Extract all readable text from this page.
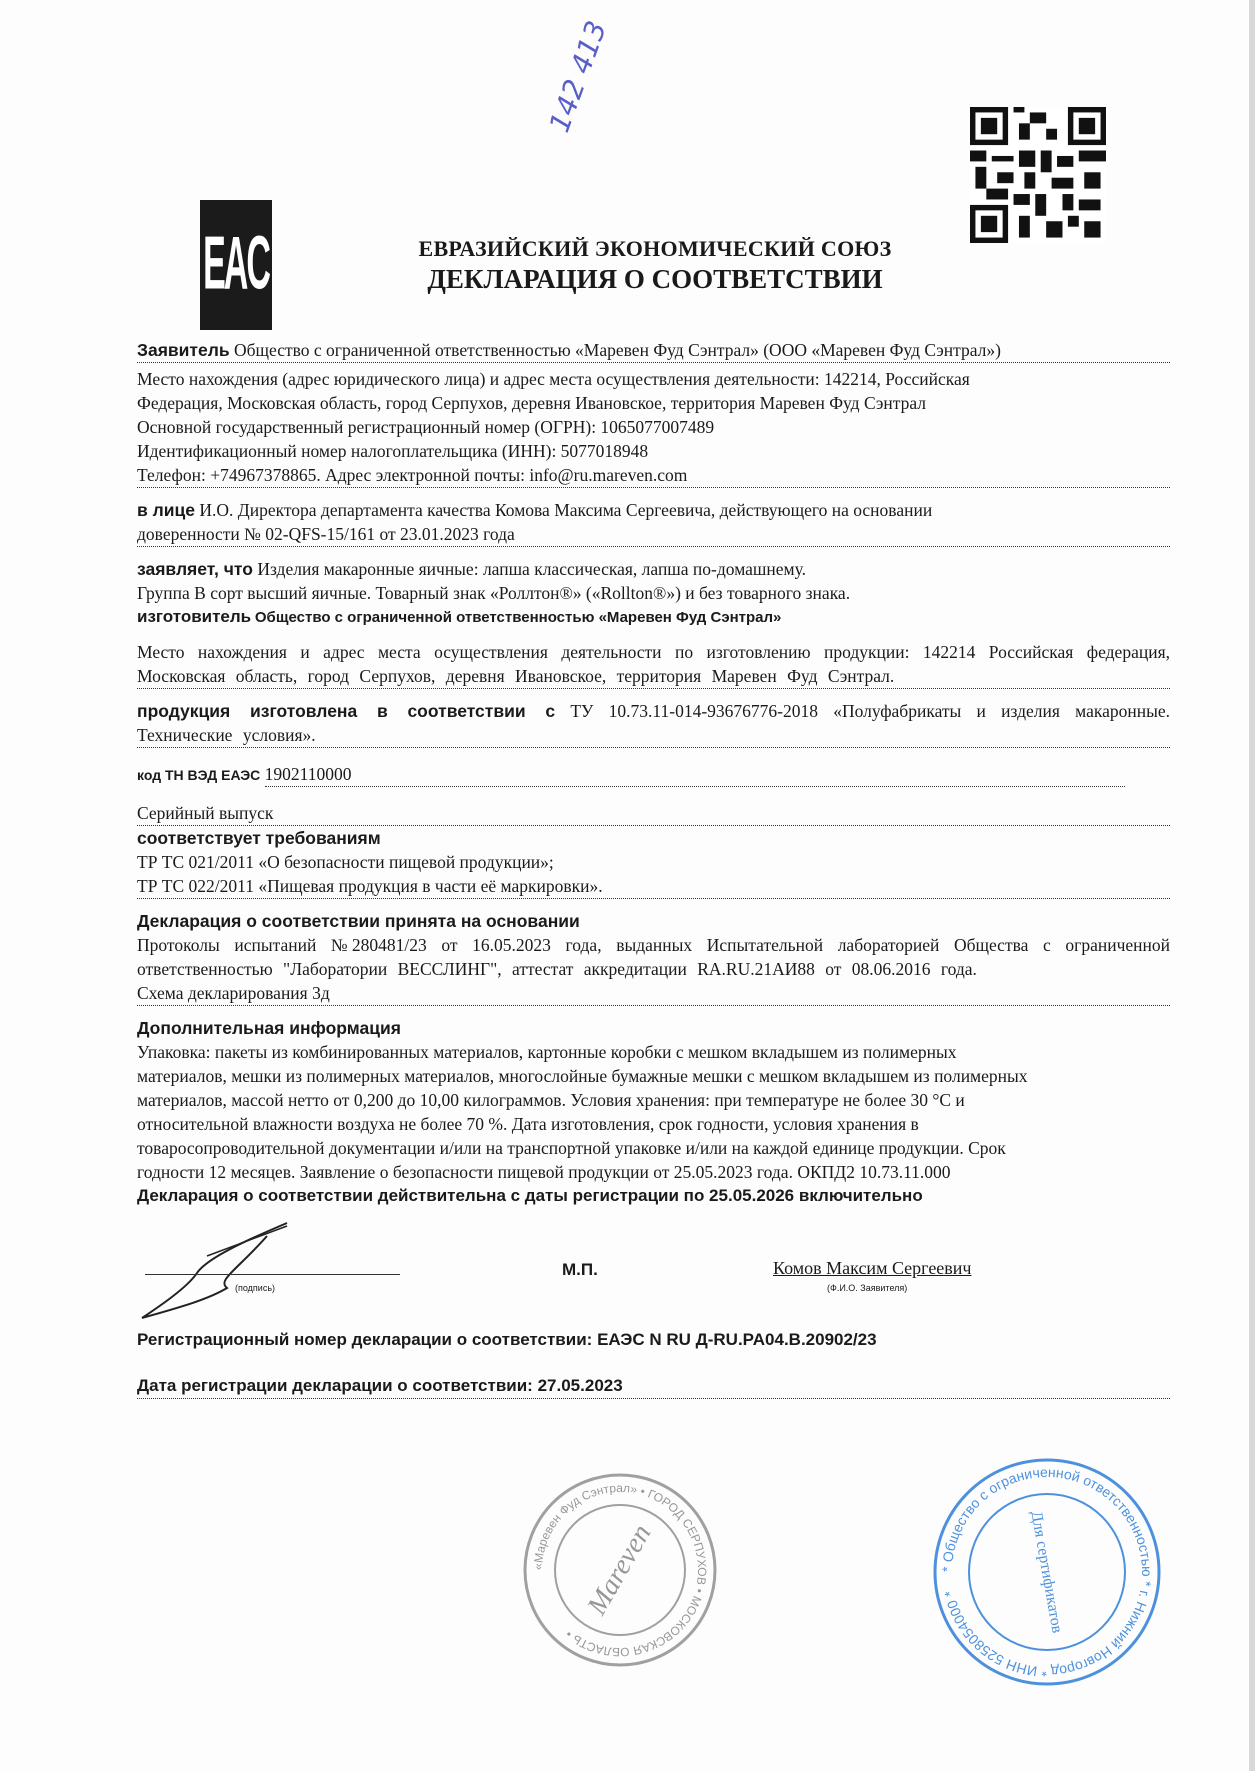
142 413
EAC	ЕВРАЗИЙСКИЙ ЭКОНОМИЧЕСКИЙ СОЮЗ
ДЕКЛАРАЦИЯ О СООТВЕТСТВИИ
Заявитель Общество с ограниченной ответственностью «Маревен Фуд Сэнтрал» (ООО «Маревен Фуд Сэнтрал»)
Место нахождения (адрес юридического лица) и адрес места осуществления деятельности: 142214, Российская
Федерация, Московская область, город Серпухов, деревня Ивановское, территория Маревен Фуд Сэнтрал
Основной государственный регистрационный номер (ОГРН): 1065077007489
Идентификационный номер налогоплательщика (ИНН): 5077018948
Телефон: +74967378865. Адрес электронной почты: info@ru.mareven.com
в лице И.О. Директора департамента качества Комова Максима Сергеевича, действующего на основании
доверенности № 02-QFS-15/161 от 23.01.2023 года
заявляет, что Изделия макаронные яичные: лапша классическая, лапша по-домашнему.
Группа В сорт высший яичные. Товарный знак «Роллтон®» («Rollton®») и без товарного знака.
изготовитель Общество с ограниченной ответственностью «Маревен Фуд Сэнтрал»
Место нахождения и адрес места осуществления деятельности по изготовлению продукции: 142214 Российская федерация, Московская область, город Серпухов, деревня Ивановское, территория Маревен Фуд Сэнтрал.
продукция изготовлена в соответствии с ТУ 10.73.11-014-93676776-2018 «Полуфабрикаты и изделия макаронные. Технические условия».
код ТН ВЭД ЕАЭС 1902110000
Серийный выпуск
соответствует требованиям
ТР ТС 021/2011 «О безопасности пищевой продукции»;
ТР ТС 022/2011 «Пищевая продукция в части её маркировки».
Декларация о соответствии принята на основании
Протоколы испытаний №280481/23 от 16.05.2023 года, выданных Испытательной лабораторией Общества с ограниченной ответственностью "Лаборатории ВЕССЛИНГ", аттестат аккредитации RA.RU.21АИ88 от 08.06.2016 года.
Схема декларирования 3д
Дополнительная информация
Упаковка: пакеты из комбинированных материалов, картонные коробки с мешком вкладышем из полимерных
материалов, мешки из полимерных материалов, многослойные бумажные мешки с мешком вкладышем из полимерных
материалов, массой нетто от 0,200 до 10,00 килограммов. Условия хранения: при температуре не более 30 °С и
относительной влажности воздуха не более 70 %. Дата изготовления, срок годности, условия хранения в
товаросопроводительной документации и/или на транспортной упаковке и/или на каждой единице продукции. Срок
годности 12 месяцев. Заявление о безопасности пищевой продукции от 25.05.2023 года. ОКПД2 10.73.11.000
Декларация о соответствии действительна с даты регистрации по 25.05.2026 включительно
(подпись)
М.П.	Комов Максим Сергеевич
(Ф.И.О. Заявителя)
Регистрационный номер декларации о соответствии: ЕАЭС N RU Д-RU.PA04.B.20902/23
Дата регистрации декларации о соответствии: 27.05.2023
«Маревен Фуд Сэнтрал» • ГОРОД СЕРПУХОВ • МОСКОВСКАЯ ОБЛАСТЬ •
Mareven	* Общество с ограниченной ответственностью * г. Нижний Новгород * ИНН 5258054000 *	Для сертификатов
